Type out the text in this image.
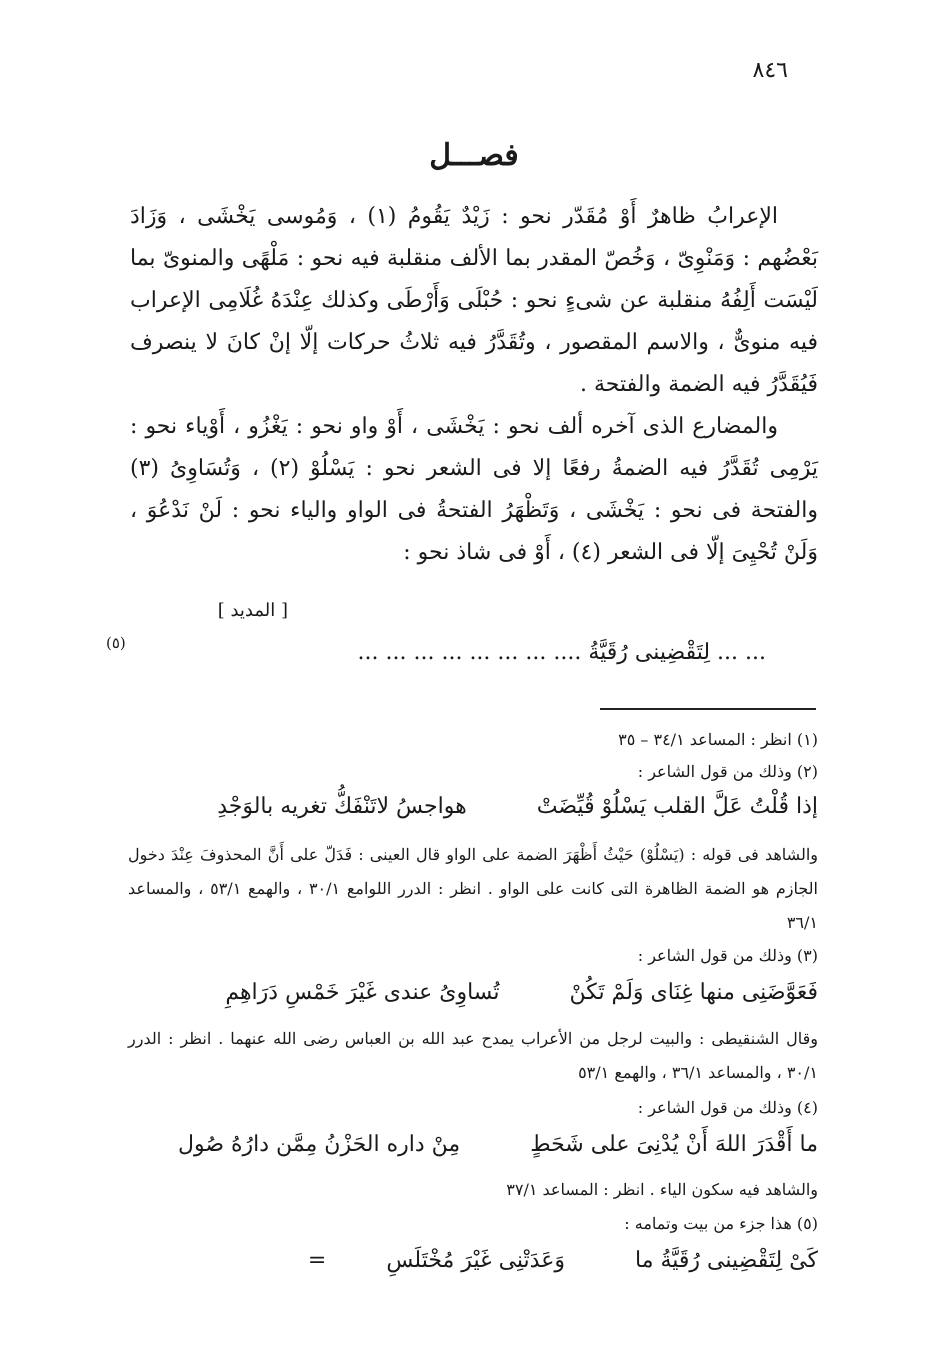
٨٤٦
فصـــل

الإعرابُ ظاهرٌ أَوْ مُقَدّر نحو : زَيْدٌ يَقُومُ (١) ، وَمُوسى يَخْشَى ، وَزَادَ بَعْضُهم : وَمَنْوِىّ ، وَخُصّ المقدر بما الألف منقلبة فيه نحو : مَلْهًى والمنوىّ بما لَيْسَت أَلِفُهُ منقلبة عن شىءٍ نحو : حُبْلَى وَأَرْطَى وكذلك عِنْدَهُ غُلَامِى الإعراب فيه منوىٌّ ، والاسم المقصور ، وتُقَدَّرُ فيه ثلاثُ حركات إلّا إنْ كانَ لا ينصرف فَيُقَدَّرُ فيه الضمة والفتحة .

والمضارع الذى آخره ألف نحو : يَخْشَى ، أَوْ واو نحو : يَغْزُو ، أَوْياء نحو : يَرْمِى تُقَدَّرُ فيه الضمةُ رفعًا إلا فى الشعر نحو : يَسْلُوْ (٢) ، وَتُسَاوِىُ (٣) والفتحة فى نحو : يَخْشَى ، وَتَظْهَرُ الفتحةُ فى الواو والياء نحو : لَنْ نَدْعُوَ ، وَلَنْ تُحْيِىَ إلّا فى الشعر (٤) ، أَوْ فى شاذ نحو :

[ المديد ]
... ... لِتَقْضِينى رُقَيَّةُ .... ... ... ... ... ... ... ...
(٥)
(١) انظر : المساعد ٣٤/١ – ٣٥
(٢) وذلك من قول الشاعر :
إذا قُلْتُ عَلَّ القلب يَسْلُوْ قُيِّضَتْهواجسُ لاتَنْفَكُّ تغريه بالوَجْدِ
والشاهد فى قوله : (يَسْلُوْ) حَيْثُ أَظْهَرَ الضمة على الواو قال العينى : فَدَلّ على أَنَّ المحذوفَ عِنْدَ دخول الجازم هو الضمة الظاهرة التى كانت على الواو . انظر : الدرر اللوامع ٣٠/١ ، والهمع ٥٣/١ ، والمساعد ٣٦/١
(٣) وذلك من قول الشاعر :
فَعَوَّضَنِى منها غِنَاى وَلَمْ تَكُنْتُساوِىُ عندى غَيْرَ خَمْسِ دَرَاهِمِ
وقال الشنقيطى : والبيت لرجل من الأعراب يمدح عبد الله بن العباس رضى الله عنهما . انظر : الدرر ٣٠/١ ، والمساعد ٣٦/١ ، والهمع ٥٣/١
(٤) وذلك من قول الشاعر :
ما أَقْدَرَ اللهَ أَنْ يُدْنِىَ على شَحَطٍمِنْ داره الحَزْنُ مِمَّن دارُهُ صُول
والشاهد فيه سكون الياء . انظر : المساعد ٣٧/١
(٥) هذا جزء من بيت وتمامه :
كَىْ لِتَقْضِينى رُقَيَّةُ ماوَعَدَتْنِى غَيْرَ مُخْتَلَسِ=
